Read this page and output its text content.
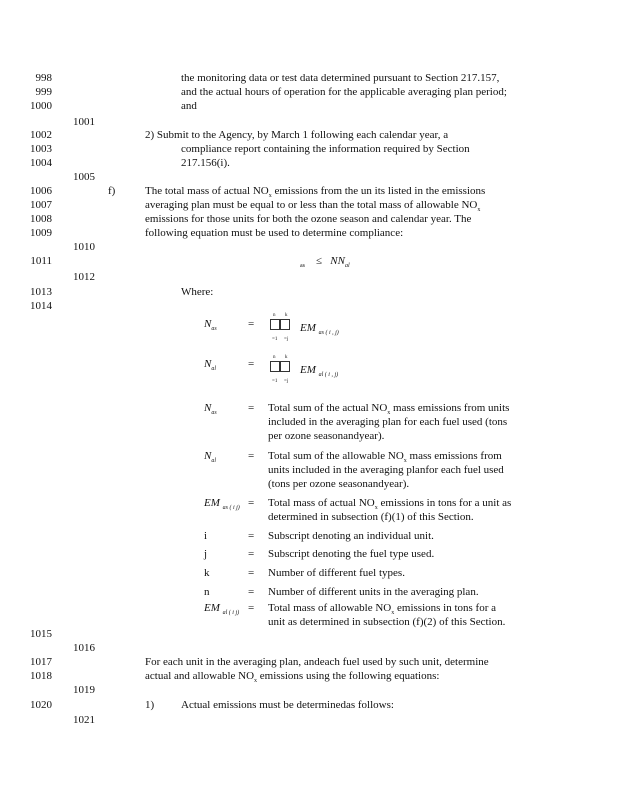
998
999
1000
1001
1002
1003
1004
1005
1006
1007
1008
1009
1010
1011
1012
1013
1014
1015
1016
1017
1018
1019
1020
1021
the monitoring data or test data determined pursuant to Section 217.157,
and the actual hours of operation for the applicable averaging plan period;
and
2) Submit to the Agency, by March 1 following each calendar year, a
compliance report containing the information required by Section
217.156(i).
f)	The total mass of actual $NO_x$ emissions from the un its listed in the emissions
averaging plan must be equal to or less than the total mass of allowable $NO_x$
emissions for those units for both the ozone season and calendar year. The
following equation must be used to determine compliance:
$_{as} \le NN_{al}$
Where:
$N_{as}$	=
n k
=1 =j
EM $_{as ( i , j)}$
$N_{al}$	=
n k
=1 =j
EM $_{al ( i , j)}$
$N_{as}$	= Total sum of the actual $NO_x$ mass emissions from units
included in the averaging plan for each fuel used (tons
per ozone seasonandyear).
$N_{al}$	= Total sum of the allowable $NO_x$ mass emissions from
units included in the averaging planfor each fuel used
(tons per ozone seasonandyear).
EM $_{as ( i j)}$ = Total mass of actual $NO_x$ emissions in tons for a unit as
determined in subsection (f)(1) of this Section.
i	= Subscript denoting an individual unit.
j	= Subscript denoting the fuel type used.
k	= Number of different fuel types.
n	= Number of different units in the averaging plan.
EM $_{al ( i j)}$ = Total mass of allowable $NO_x$ emissions in tons for a
unit as determined in subsection (f)(2) of this Section.
For each unit in the averaging plan, andeach fuel used by such unit, determine
actual and allowable $NO_x$ emissions using the following equations:
1) Actual emissions must be determinedas follows:
